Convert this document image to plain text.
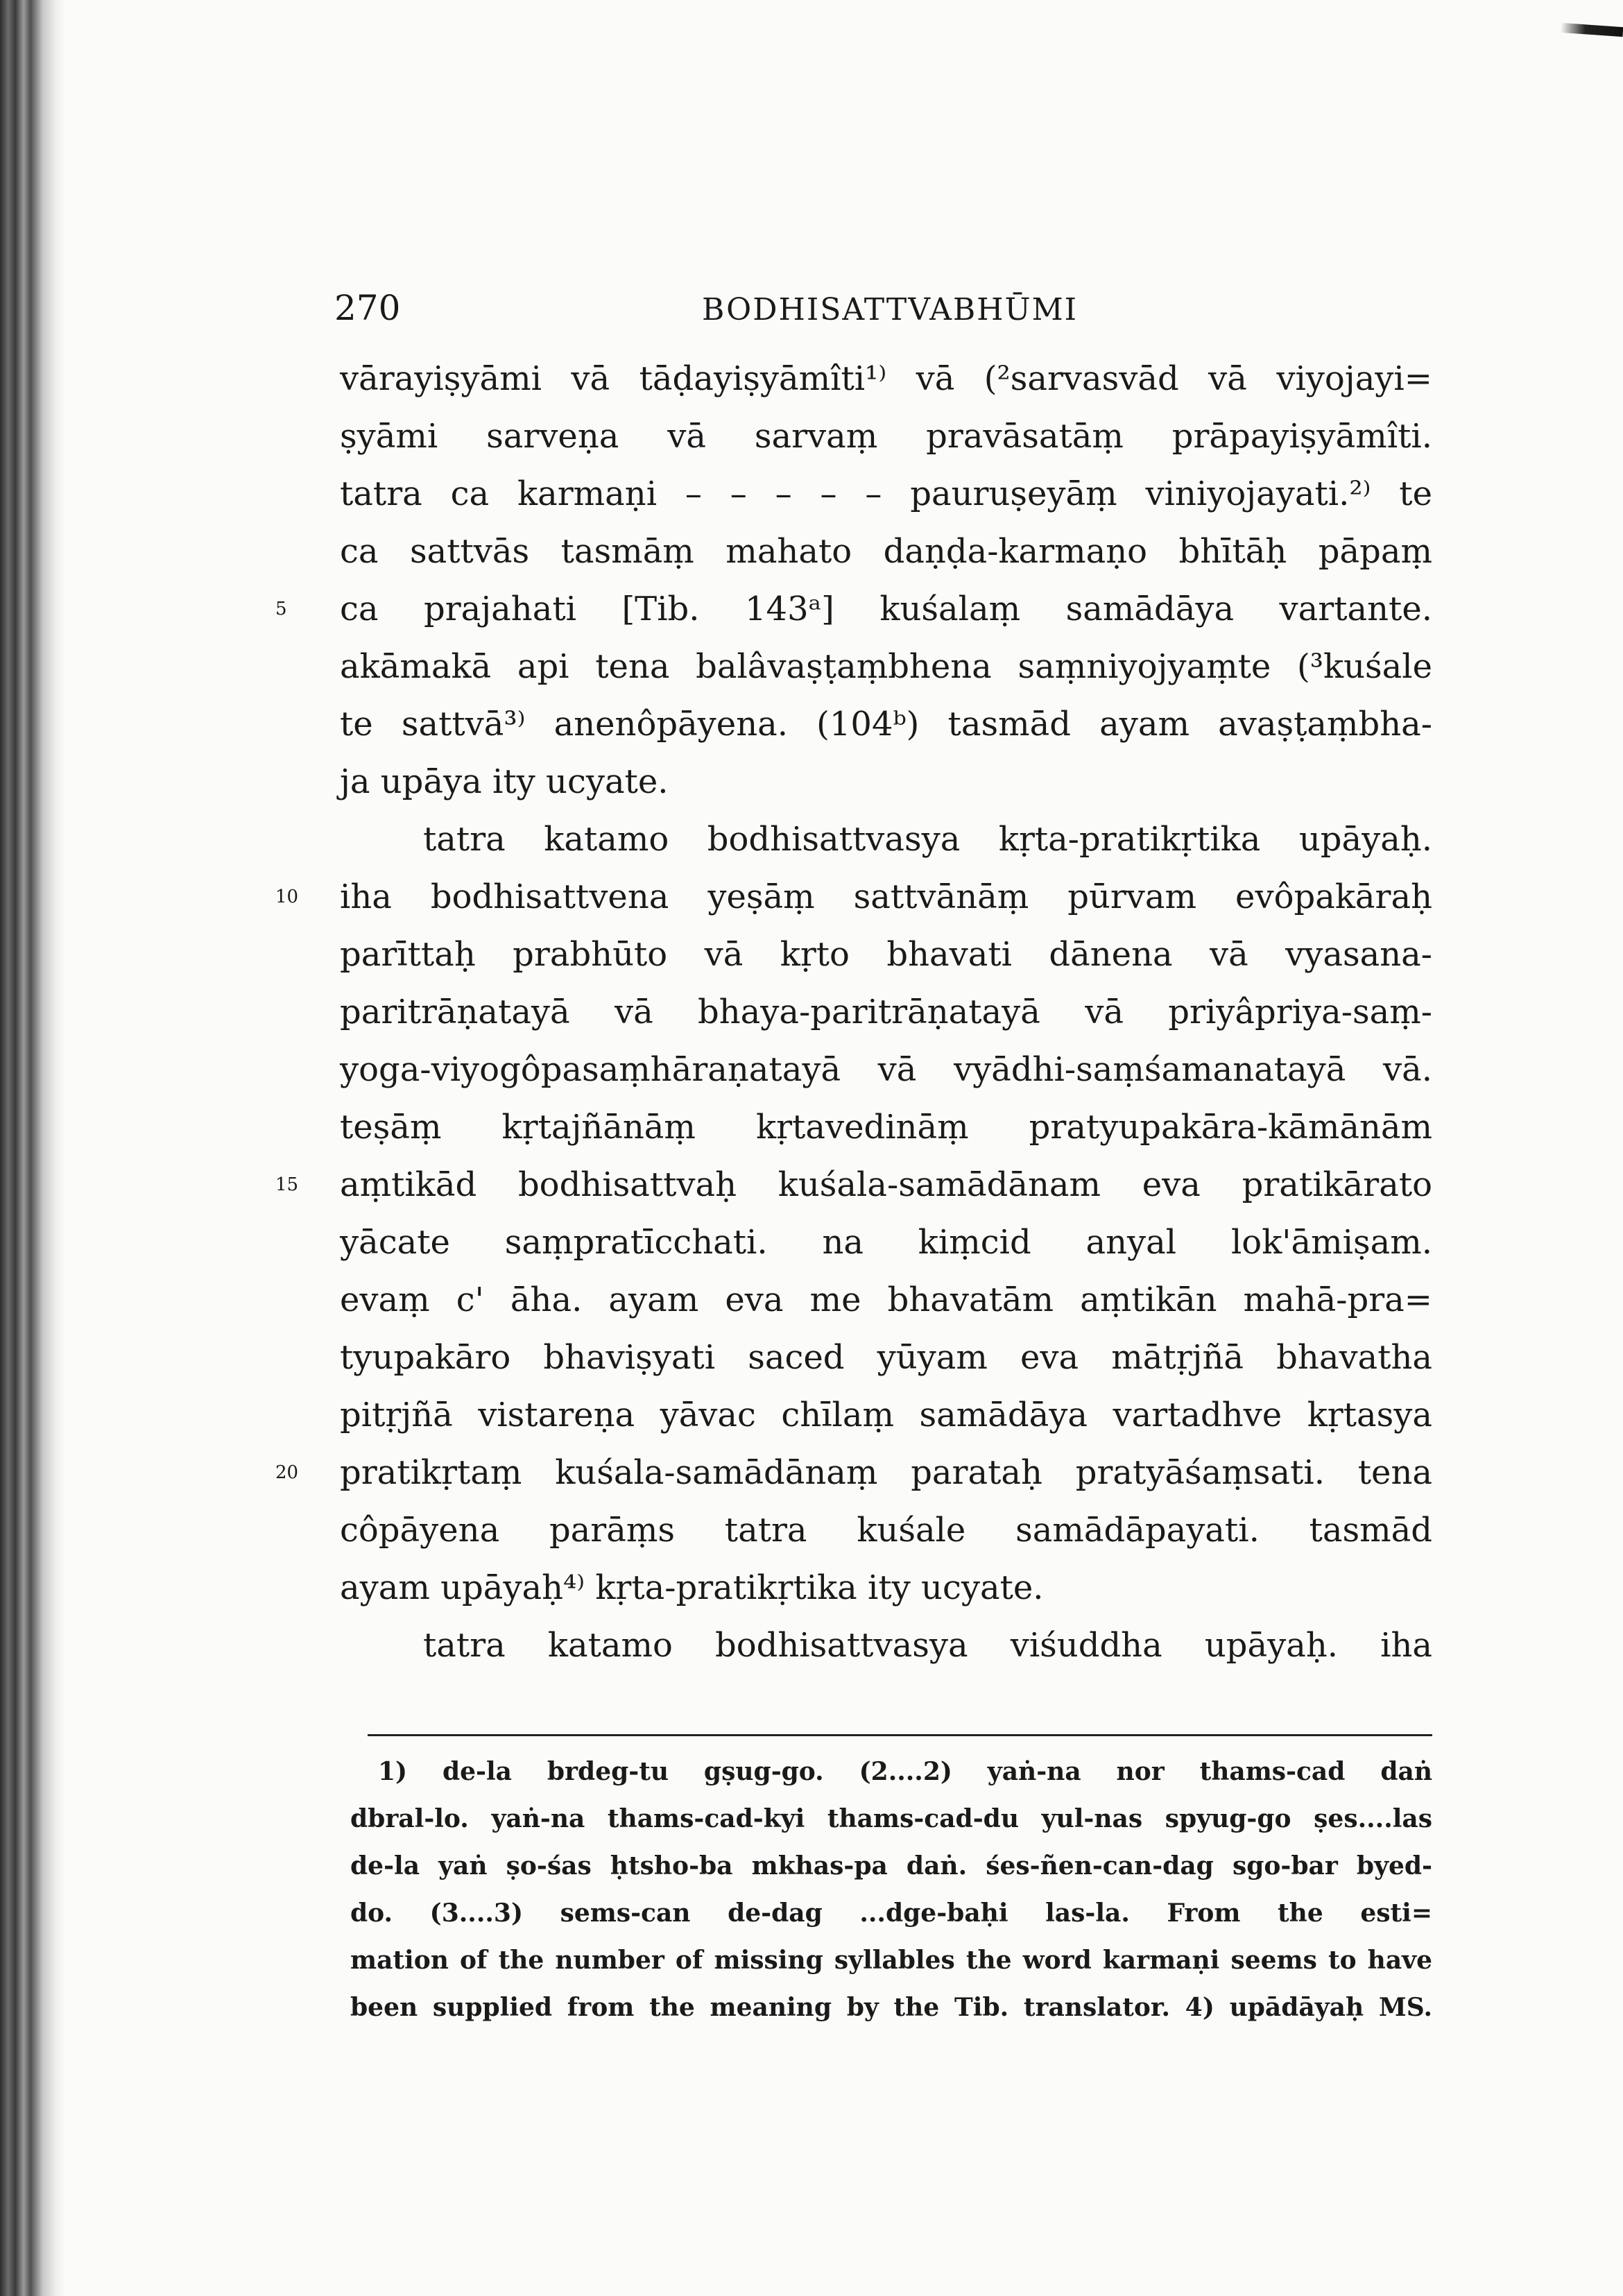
270	BODHISATTVABHŪMI
vārayiṣyāmi vā tāḍayiṣyāmîti¹⁾ vā (²sarvasvād vā viyojayi=
ṣyāmi sarveṇa vā sarvaṃ pravāsatāṃ prāpayiṣyāmîti.
tatra ca karmaṇi – – – – – pauruṣeyāṃ viniyojayati.²⁾ te
ca sattvās tasmāṃ mahato daṇḍa-karmaṇo bhītāḥ pāpaṃ
5 ca prajahati [Tib. 143ᵃ] kuśalaṃ samādāya vartante.
akāmakā api tena balâvaṣṭaṃbhena saṃniyojyaṃte (³kuśale
te sattvā³⁾ anenôpāyena. (104ᵇ) tasmād ayam avaṣṭaṃbha-
ja upāya ity ucyate.
tatra katamo bodhisattvasya kṛta-pratikṛtika upāyaḥ.
10 iha bodhisattvena yeṣāṃ sattvānāṃ pūrvam evôpakāraḥ
parīttaḥ prabhūto vā kṛto bhavati dānena vā vyasana-
paritrāṇatayā vā bhaya-paritrāṇatayā vā priyâpriya-saṃ-
yoga-viyogôpasaṃhāraṇatayā vā vyādhi-saṃśamanatayā vā.
teṣāṃ kṛtajñānāṃ kṛtavedināṃ pratyupakāra-kāmānām
15 aṃtikād bodhisattvaḥ kuśala-samādānam eva pratikārato
yācate saṃpratīcchati. na kiṃcid anyal lok'āmiṣam.
evaṃ c' āha. ayam eva me bhavatām aṃtikān mahā-pra=
tyupakāro bhaviṣyati saced yūyam eva mātṛjñā bhavatha
pitṛjñā vistareṇa yāvac chīlaṃ samādāya vartadhve kṛtasya
20 pratikṛtaṃ kuśala-samādānaṃ parataḥ pratyāśaṃsati. tena
côpāyena parāṃs tatra kuśale samādāpayati. tasmād
ayam upāyaḥ⁴⁾ kṛta-pratikṛtika ity ucyate.
tatra katamo bodhisattvasya viśuddha upāyaḥ. iha
1) de-la brdeg-tu gṣug-go. (2....2) yaṅ-na nor thams-cad daṅ
dbral-lo. yaṅ-na thams-cad-kyi thams-cad-du yul-nas spyug-go ṣes....las
de-la yaṅ ṣo-śas ḥtsho-ba mkhas-pa daṅ. śes-ñen-can-dag sgo-bar byed-
do. (3....3) sems-can de-dag ...dge-baḥi las-la. From the esti=
mation of the number of missing syllables the word karmaṇi seems to have
been supplied from the meaning by the Tib. translator. 4) upādāyaḥ MS.
